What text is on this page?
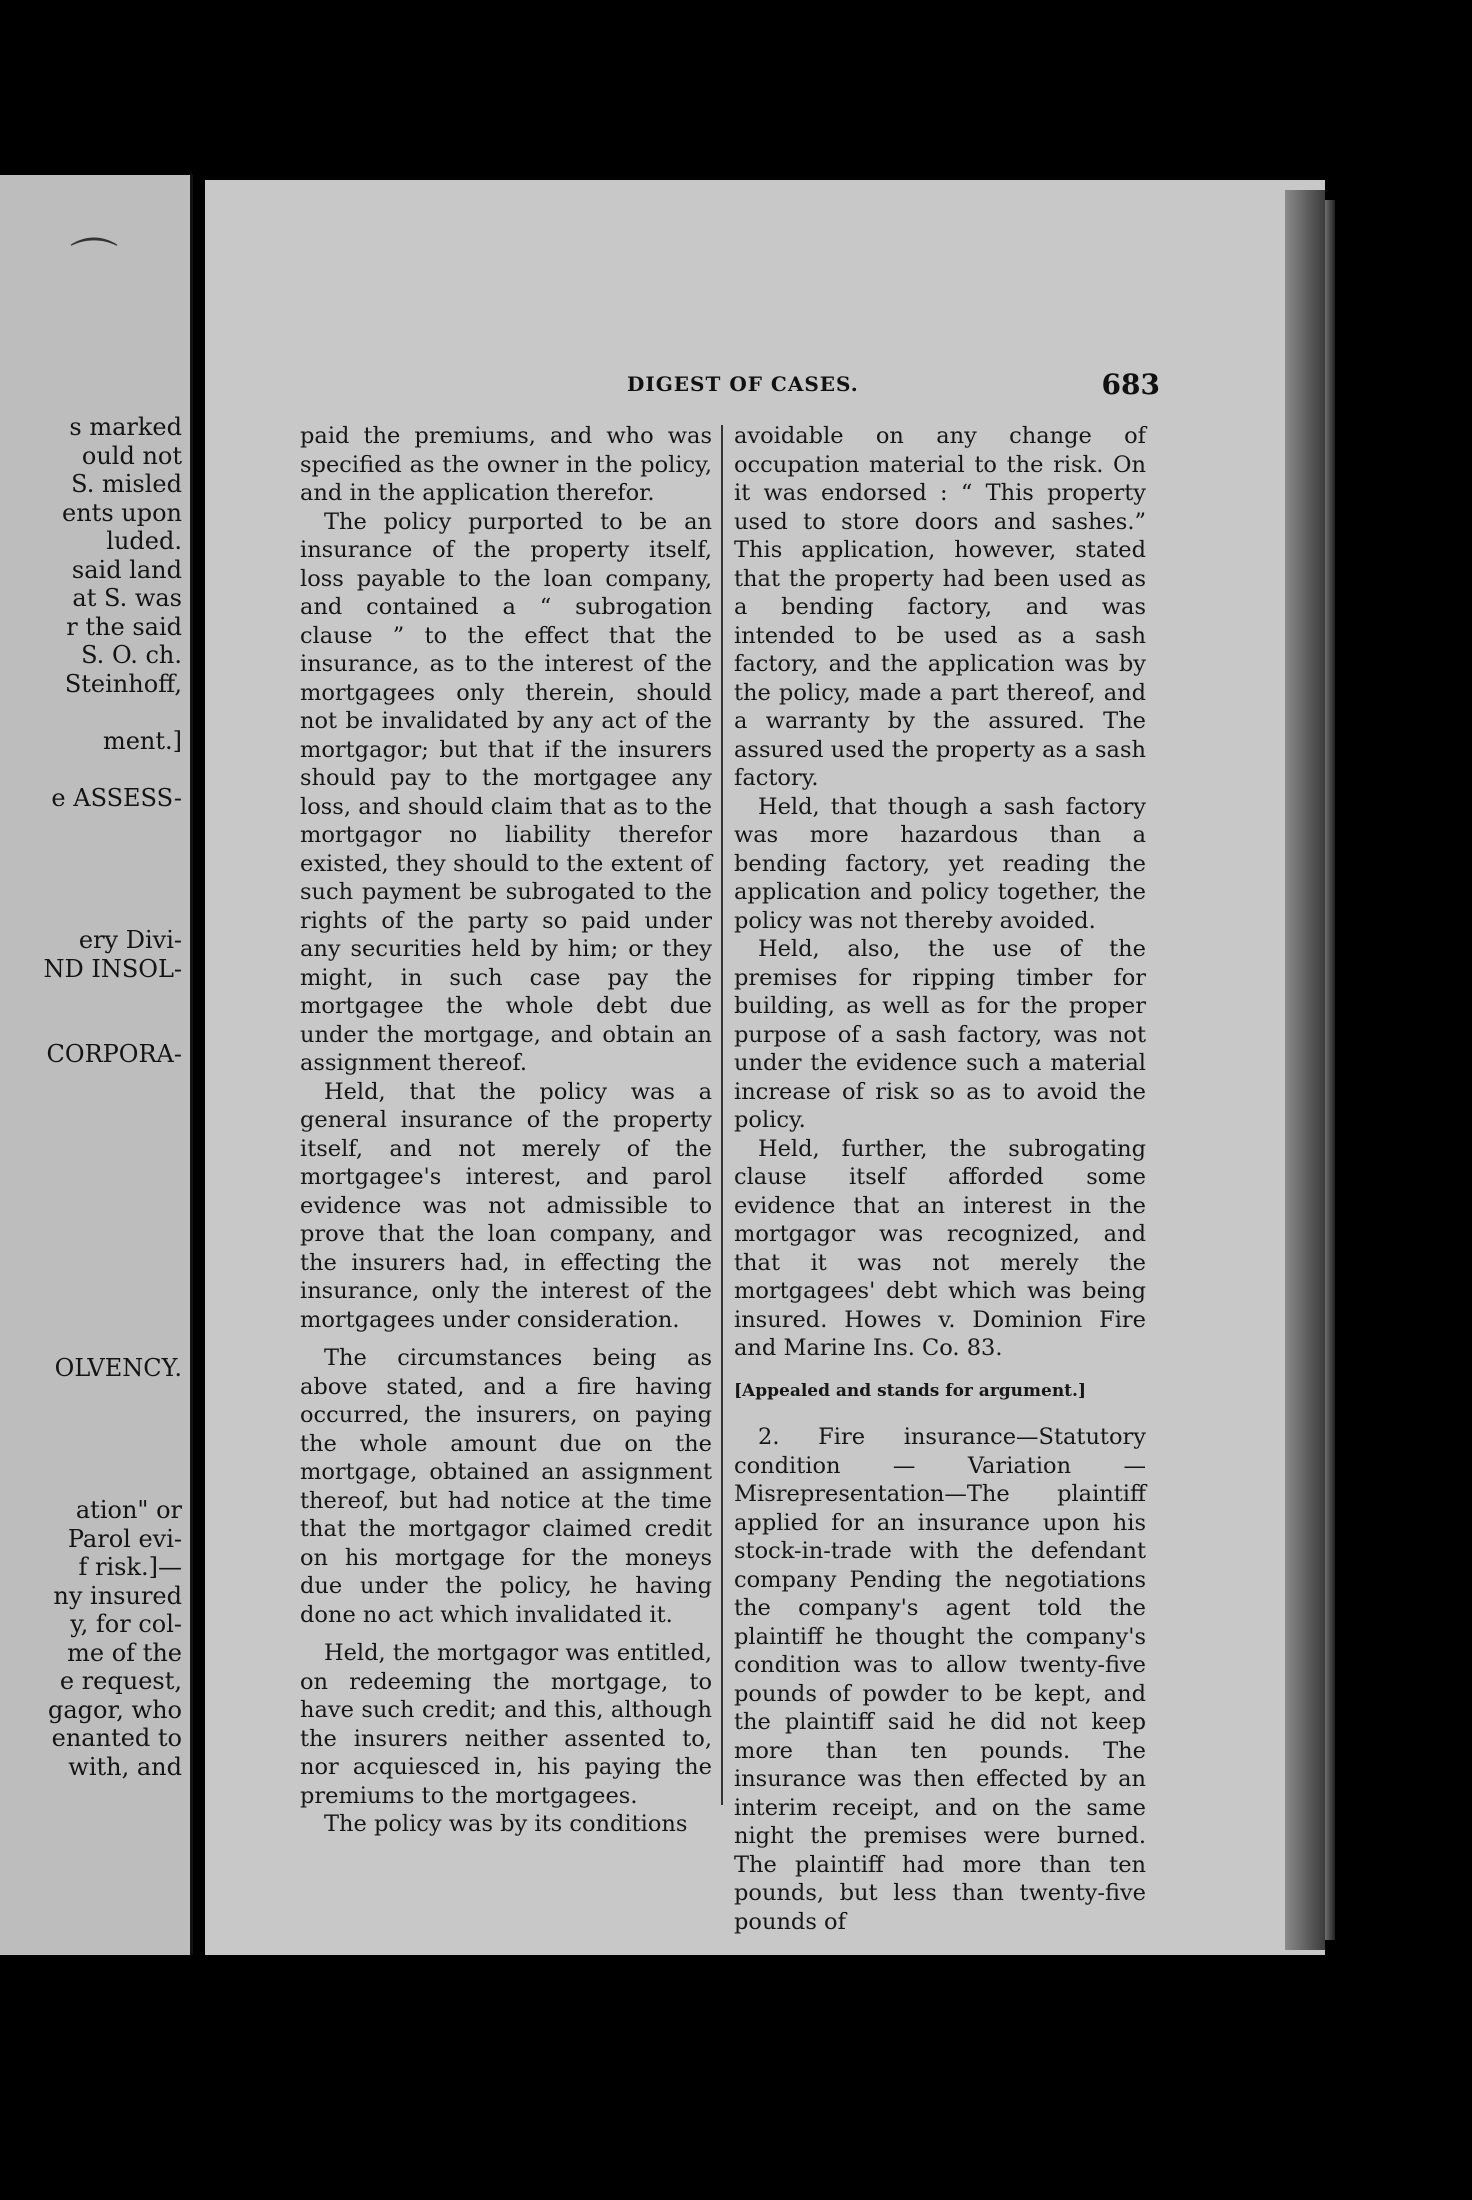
⌒
s marked
ould not
S. misled
ents upon
luded.
said land
at S. was
r the said
S. O. ch.
Steinhoff,
ment.]
e ASSESS-
ery Divi-
ND INSOL-
CORPORA-
OLVENCY.
ation" or
Parol evi-
f risk.]—
ny insured
y, for col-
me of the
e request,
gagor, who
enanted to
with, and
DIGEST OF CASES.	683

paid the premiums, and who was specified as the owner in the policy, and in the application therefor.

The policy purported to be an insurance of the property itself, loss payable to the loan company, and contained a “ subrogation clause ” to the effect that the insurance, as to the interest of the mortgagees only therein, should not be invalidated by any act of the mortgagor; but that if the insurers should pay to the mortgagee any loss, and should claim that as to the mortgagor no liability therefor existed, they should to the extent of such payment be subrogated to the rights of the party so paid under any securities held by him; or they might, in such case pay the mortgagee the whole debt due under the mortgage, and obtain an assignment thereof.

Held, that the policy was a general insurance of the property itself, and not merely of the mortgagee's interest, and parol evidence was not admissible to prove that the loan company, and the insurers had, in effecting the insurance, only the interest of the mortgagees under consideration.

The circumstances being as above stated, and a fire having occurred, the insurers, on paying the whole amount due on the mortgage, obtained an assignment thereof, but had notice at the time that the mortgagor claimed credit on his mortgage for the moneys due under the policy, he having done no act which invalidated it.

Held, the mortgagor was entitled, on redeeming the mortgage, to have such credit; and this, although the insurers neither assented to, nor acquiesced in, his paying the premiums to the mortgagees.

The policy was by its conditions

avoidable on any change of occupation material to the risk. On it was endorsed : “ This property used to store doors and sashes.” This application, however, stated that the property had been used as a bending factory, and was intended to be used as a sash factory, and the application was by the policy, made a part thereof, and a warranty by the assured. The assured used the property as a sash factory.

Held, that though a sash factory was more hazardous than a bending factory, yet reading the application and policy together, the policy was not thereby avoided.

Held, also, the use of the premises for ripping timber for building, as well as for the proper purpose of a sash factory, was not under the evidence such a material increase of risk so as to avoid the policy.

Held, further, the subrogating clause itself afforded some evidence that an interest in the mortgagor was recognized, and that it was not merely the mortgagees' debt which was being insured. Howes v. Dominion Fire and Marine Ins. Co. 83.

[Appealed and stands for argument.]

2. Fire insurance—Statutory condition — Variation — Misrepresentation—The plaintiff applied for an insurance upon his stock-in-trade with the defendant company Pending the negotiations the company's agent told the plaintiff he thought the company's condition was to allow twenty-five pounds of powder to be kept, and the plaintiff said he did not keep more than ten pounds. The insurance was then effected by an interim receipt, and on the same night the premises were burned. The plaintiff had more than ten pounds, but less than twenty-five pounds of
